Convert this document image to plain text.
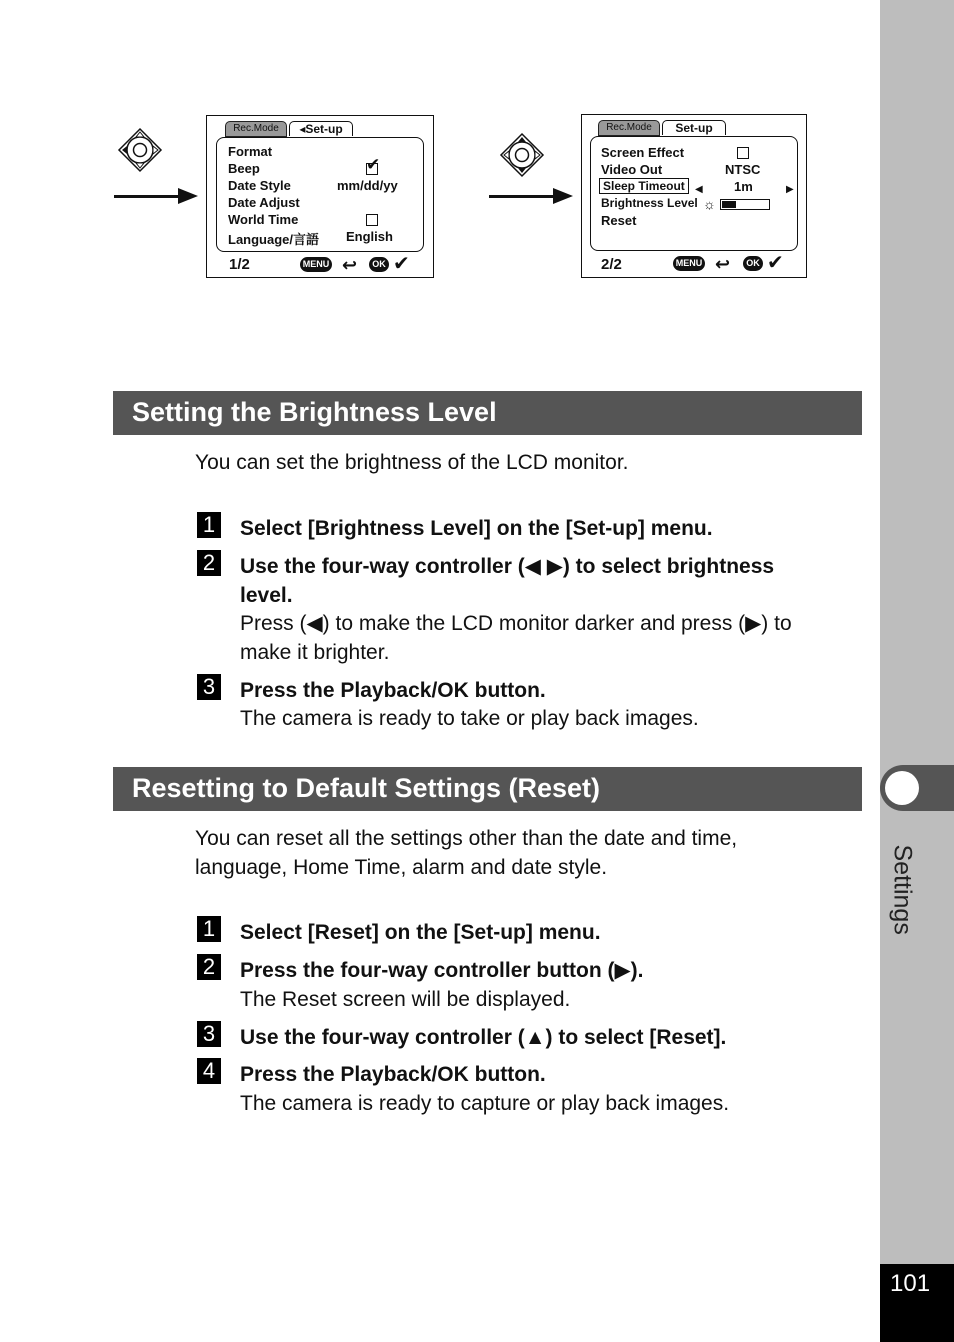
Settings
101
Rec.Mode	◂Set-up
Format
Beep	✔
Date Style	mm/dd/yy
Date Adjust
World Time
Language/言語 English
1/2	MENU ↩	OK ✔
Rec.Mode	Set-up
Screen Effect
Video Out	NTSC
Sleep Timeout	◀ 1m	▶
Brightness Level ☼
Reset
2/2	MENU ↩	OK ✔
Setting the Brightness Level
You can set the brightness of the LCD monitor.
1 Select [Brightness Level] on the [Set-up] menu.
2 Use the four-way controller (◀ ▶) to select brightness
level.
Press (◀) to make the LCD monitor darker and press (▶) to
make it brighter.
3 Press the Playback/OK button.
The camera is ready to take or play back images.
Resetting to Default Settings (Reset)
You can reset all the settings other than the date and time,
language, Home Time, alarm and date style.
1 Select [Reset] on the [Set-up] menu.
2 Press the four-way controller button (▶).
The Reset screen will be displayed.
3 Use the four-way controller (▲) to select [Reset].
4 Press the Playback/OK button.
The camera is ready to capture or play back images.
